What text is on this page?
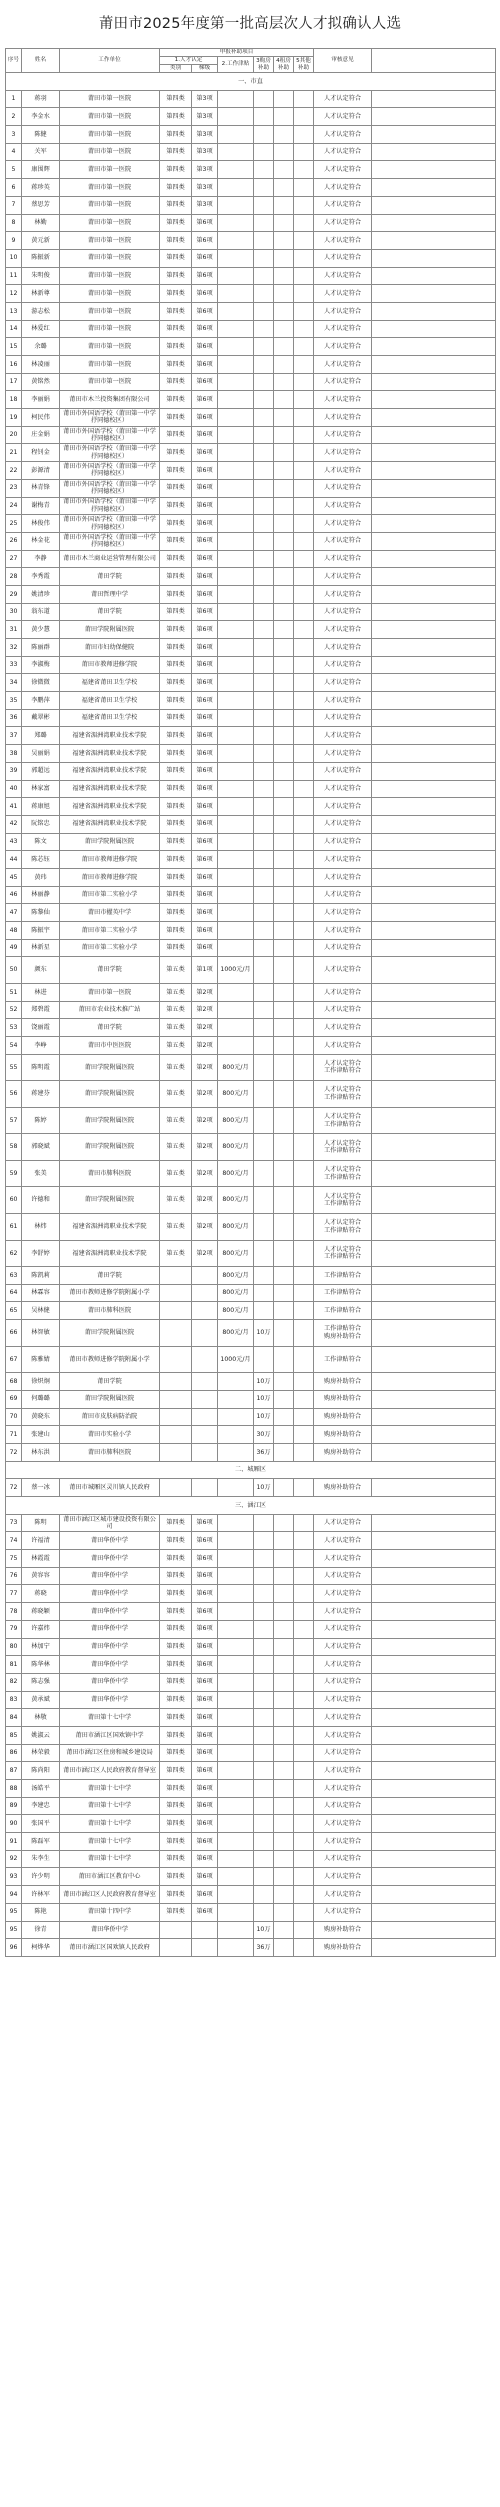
莆田市2025年度第一批高层次人才拟确认人选
序号	姓名	工作单位	申报补助项目						审核意见	
			1.人才认定		2.工作津贴	3购房补助	4租房补助	5其他补助		
			类别	梯级						
一、市直										
1	蒋羽	莆田市第一医院	第四类	第3项					人才认定符合	
2	李金水	莆田市第一医院	第四类	第3项					人才认定符合	
3	陈健	莆田市第一医院	第四类	第3项					人才认定符合	
4	关军	莆田市第一医院	第四类	第3项					人才认定符合	
5	康围辉	莆田市第一医院	第四类	第3项					人才认定符合	
6	蒋珍英	莆田市第一医院	第四类	第3项					人才认定符合	
7	蔡思芳	莆田市第一医院	第四类	第3项					人才认定符合	
8	林勤	莆田市第一医院	第四类	第6项					人才认定符合	
9	黄元新	莆田市第一医院	第四类	第6项					人才认定符合	
10	陈振新	莆田市第一医院	第四类	第6项					人才认定符合	
11	朱明俊	莆田市第一医院	第四类	第6项					人才认定符合	
12	林新尊	莆田市第一医院	第四类	第6项					人才认定符合	
13	游志松	莆田市第一医院	第四类	第6项					人才认定符合	
14	林爱红	莆田市第一医院	第四类	第6项					人才认定符合	
15	余璐	莆田市第一医院	第四类	第6项					人才认定符合	
16	林凌丽	莆田市第一医院	第四类	第6项					人才认定符合	
17	黄铭然	莆田市第一医院	第四类	第6项					人才认定符合	
18	李丽娟	莆田市木兰投资集团有限公司	第四类	第6项					人才认定符合	
19	柯民伟	莆田市外国语学校（莆田第一中学抒同德校区）	第四类	第6项					人才认定符合	
20	庄金娟	莆田市外国语学校（莆田第一中学抒同德校区）	第四类	第6项					人才认定符合	
21	程钊金	莆田市外国语学校（莆田第一中学抒同德校区）	第四类	第6项					人才认定符合	
22	彭源清	莆田市外国语学校（莆田第一中学抒同德校区）	第四类	第6项					人才认定符合	
23	林青锋	莆田市外国语学校（莆田第一中学抒同德校区）	第四类	第6项					人才认定符合	
24	谢梅青	莆田市外国语学校（莆田第一中学抒同德校区）	第四类	第6项					人才认定符合	
25	林俊伟	莆田市外国语学校（莆田第一中学抒同德校区）	第四类	第6项					人才认定符合	
26	林金花	莆田市外国语学校（莆田第一中学抒同德校区）	第四类	第6项					人才认定符合	
27	李静	莆田市木兰商业运营管理有限公司	第四类	第6项					人才认定符合	
28	李秀霞	莆田学院	第四类	第6项					人才认定符合	
29	姚清珍	莆田哲理中学	第四类	第6项					人才认定符合	
30	翁东道	莆田学院	第四类	第6项					人才认定符合	
31	黄少慧	莆田学院附属医院	第四类	第6项					人才认定符合	
32	陈丽群	莆田市妇幼保健院	第四类	第6项					人才认定符合	
33	李淑梅	莆田市教师进修学院	第四类	第6项					人才认定符合	
34	徐微微	福建省莆田卫生学校	第四类	第6项					人才认定符合	
35	李鹏萍	福建省莆田卫生学校	第四类	第6项					人才认定符合	
36	戴翠彬	福建省莆田卫生学校	第四类	第6项					人才认定符合	
37	郑璐	福建省湄洲湾职业技术学院	第四类	第6项					人才认定符合	
38	吴丽娟	福建省湄洲湾职业技术学院	第四类	第6项					人才认定符合	
39	郭超远	福建省湄洲湾职业技术学院	第四类	第6项					人才认定符合	
40	林家富	福建省湄洲湾职业技术学院	第四类	第6项					人才认定符合	
41	蒋康旭	福建省湄洲湾职业技术学院	第四类	第6项					人才认定符合	
42	阮铭忠	福建省湄洲湾职业技术学院	第四类	第6项					人才认定符合	
43	陈文	莆田学院附属医院	第四类	第6项					人才认定符合	
44	陈芯钰	莆田市教师进修学院	第四类	第6项					人才认定符合	
45	黄玮	莆田市教师进修学院	第四类	第6项					人才认定符合	
46	林丽静	莆田市第二实验小学	第四类	第6项					人才认定符合	
47	陈黎仙	莆田市擢英中学	第四类	第6项					人才认定符合	
48	陈振宇	莆田市第二实验小学	第四类	第6项					人才认定符合	
49	林新星	莆田市第二实验小学	第四类	第6项					人才认定符合	
50	颜东	莆田学院	第五类	第1项	1000元/月				人才认定符合	
51	林进	莆田市第一医院	第五类	第2项					人才认定符合	
52	郑碧霞	莆田市农业技术推广站	第五类	第2项					人才认定符合	
53	饶丽霞	莆田学院	第五类	第2项					人才认定符合	
54	李峥	莆田市中医医院	第五类	第2项					人才认定符合	
55	陈明霞	莆田学院附属医院	第五类	第2项	800元/月				人才认定符合
工作津贴符合	
56	蒋建芬	莆田学院附属医院	第五类	第2项	800元/月				人才认定符合
工作津贴符合	
57	陈婷	莆田学院附属医院	第五类	第2项	800元/月				人才认定符合
工作津贴符合	
58	郭晓斌	莆田学院附属医院	第五类	第2项	800元/月				人才认定符合
工作津贴符合	
59	张美	莆田市肺科医院	第五类	第2项	800元/月				人才认定符合
工作津贴符合	
60	许德和	莆田学院附属医院	第五类	第2项	800元/月				人才认定符合
工作津贴符合	
61	林炜	福建省湄洲湾职业技术学院	第五类	第2项	800元/月				人才认定符合
工作津贴符合	
62	李舒婷	福建省湄洲湾职业技术学院	第五类	第2项	800元/月				人才认定符合
工作津贴符合	
63	陈凯莉	莆田学院			800元/月				工作津贴符合	
64	林霖容	莆田市教师进修学院附属小学			800元/月				工作津贴符合	
65	吴林健	莆田市肺科医院			800元/月				工作津贴符合	
66	林智敏	莆田学院附属医院			800元/月	10万			工作津贴符合
购房补助符合	
67	陈雅婧	莆田市教师进修学院附属小学			1000元/月				工作津贴符合	
68	徐炽炯	莆田学院				10万			购房补助符合	
69	何璐璐	莆田学院附属医院				10万			购房补助符合	
70	黄晓东	莆田市皮肤病防治院				10万			购房补助符合	
71	张建山	莆田市实验小学				30万			购房补助符合	
72	林东洪	莆田市肺科医院				36万			购房补助符合	
二、城厢区										
72	蔡一冰	莆田市城厢区灵川镇人民政府				10万			购房补助符合	
三、涵江区										
73	陈明	莆田市涵江区城市建设投资有限公司	第四类	第6项					人才认定符合	
74	许福清	莆田华侨中学	第四类	第6项					人才认定符合	
75	林霞霞	莆田华侨中学	第四类	第6项					人才认定符合	
76	黄容容	莆田华侨中学	第四类	第6项					人才认定符合	
77	蒋晓	莆田华侨中学	第四类	第6项					人才认定符合	
78	蒋晓颖	莆田华侨中学	第四类	第6项					人才认定符合	
79	许嘉炜	莆田华侨中学	第四类	第6项					人才认定符合	
80	林加宁	莆田华侨中学	第四类	第6项					人才认定符合	
81	陈华林	莆田华侨中学	第四类	第6项					人才认定符合	
82	陈志强	莆田华侨中学	第四类	第6项					人才认定符合	
83	黄承斌	莆田华侨中学	第四类	第6项					人才认定符合	
84	林敬	莆田第十七中学	第四类	第6项					人才认定符合	
85	姚淑云	莆田市涵江区国欢镇中学	第四类	第6项					人才认定符合	
86	林荣毅	莆田市涵江区住房和城乡建设局	第四类	第6项					人才认定符合	
87	陈尚阳	莆田市涵江区人民政府教育督导室	第四类	第6项					人才认定符合	
88	汤皓平	莆田第十七中学	第四类	第6项					人才认定符合	
89	李建忠	莆田第十七中学	第四类	第6项					人才认定符合	
90	张国平	莆田第十七中学	第四类	第6项					人才认定符合	
91	陈磊军	莆田第十七中学	第四类	第6项					人才认定符合	
92	朱李生	莆田第十七中学	第四类	第6项					人才认定符合	
93	许少明	莆田市涵江区教育中心	第四类	第6项					人才认定符合	
94	许林军	莆田市涵江区人民政府教育督导室	第四类	第6项					人才认定符合	
95	陈艳	莆田第十四中学	第四类	第6项					人才认定符合	
95	徐青	莆田华侨中学				10万			购房补助符合	
96	柯烨华	莆田市涵江区国欢镇人民政府				36万			购房补助符合	
